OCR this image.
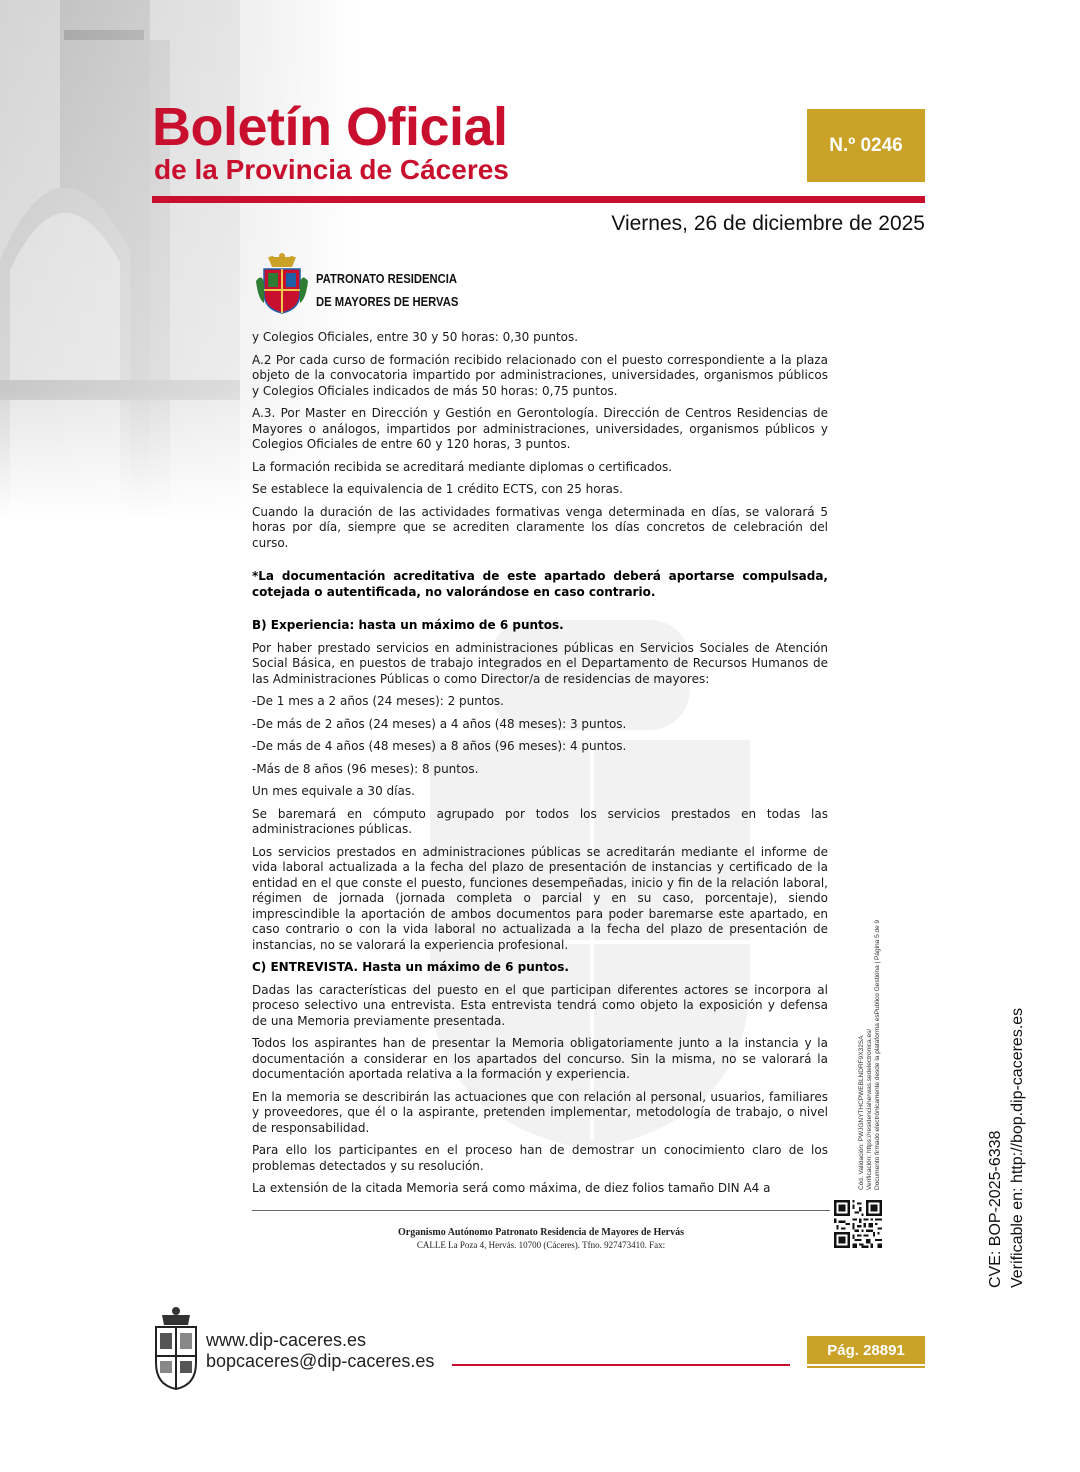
Boletín Oficial
de la Provincia de Cáceres
N.º 0246
Viernes, 26 de diciembre de 2025
PATRONATO RESIDENCIA
DE MAYORES DE HERVAS

y Colegios Oficiales, entre 30 y 50 horas: 0,30 puntos.

A.2 Por cada curso de formación recibido relacionado con el puesto correspondiente a la plaza objeto de la convocatoria impartido por administraciones, universidades, organismos públicos y Colegios Oficiales indicados de más 50 horas: 0,75 puntos.

A.3. Por Master en Dirección y Gestión en Gerontología. Dirección de Centros Residencias de Mayores o análogos, impartidos por administraciones, universidades, organismos públicos y Colegios Oficiales de entre 60 y 120 horas, 3 puntos.

La formación recibida se acreditará mediante diplomas o certificados.

Se establece la equivalencia de 1 crédito ECTS, con 25 horas.

Cuando la duración de las actividades formativas venga determinada en días, se valorará 5 horas por día, siempre que se acrediten claramente los días concretos de celebración del curso.

*La documentación acreditativa de este apartado deberá aportarse compulsada, cotejada o autentificada, no valorándose en caso contrario.

B) Experiencia: hasta un máximo de 6 puntos.

Por haber prestado servicios en administraciones públicas en Servicios Sociales de Atención Social Básica, en puestos de trabajo integrados en el Departamento de Recursos Humanos de las Administraciones Públicas o como Director/a de residencias de mayores:

-De 1 mes a 2 años (24 meses): 2 puntos.

-De más de 2 años (24 meses) a 4 años (48 meses): 3 puntos.

-De más de 4 años (48 meses) a 8 años (96 meses): 4 puntos.

-Más de 8 años (96 meses): 8 puntos.

Un mes equivale a 30 días.

Se baremará en cómputo agrupado por todos los servicios prestados en todas las administraciones públicas.

Los servicios prestados en administraciones públicas se acreditarán mediante el informe de vida laboral actualizada a la fecha del plazo de presentación de instancias y certificado de la entidad en el que conste el puesto, funciones desempeñadas, inicio y fin de la relación laboral, régimen de jornada (jornada completa o parcial y en su caso, porcentaje), siendo imprescindible la aportación de ambos documentos para poder baremarse este apartado, en caso contrario o con la vida laboral no actualizada a la fecha del plazo de presentación de instancias, no se valorará la experiencia profesional.

C) ENTREVISTA. Hasta un máximo de 6 puntos.

Dadas las características del puesto en el que participan diferentes actores se incorpora al proceso selectivo una entrevista. Esta entrevista tendrá como objeto la exposición y defensa de una Memoria previamente presentada.

Todos los aspirantes han de presentar la Memoria obligatoriamente junto a la instancia y la documentación a considerar en los apartados del concurso. Sin la misma, no se valorará la documentación aportada relativa a la formación y experiencia.

En la memoria se describirán las actuaciones que con relación al personal, usuarios, familiares y proveedores, que él o la aspirante, pretenden implementar, metodología de trabajo, o nivel de responsabilidad.

Para ello los participantes en el proceso han de demostrar un conocimiento claro de los problemas detectados y su resolución.

La extensión de la citada Memoria será como máxima, de diez folios tamaño DIN A4 a

Organismo Autónomo Patronato Residencia de Mayores de Hervás
CALLE La Poza 4, Hervás. 10700 (Cáceres). Tfno. 927473410. Fax:
Cód. Validación: PWJGNYTHCPWEBLNDRF9X32SA Verificación: https://residenciaherwas.sedelectronica.es/ Documento firmado electrónicamente desde la plataforma esPublico Gestiona | Página 5 de 9
CVE: BOP-2025-6338 Verificable en: http://bop.dip-caceres.es
www.dip-caceres.es
bopcaceres@dip-caceres.es
Pág. 28891
